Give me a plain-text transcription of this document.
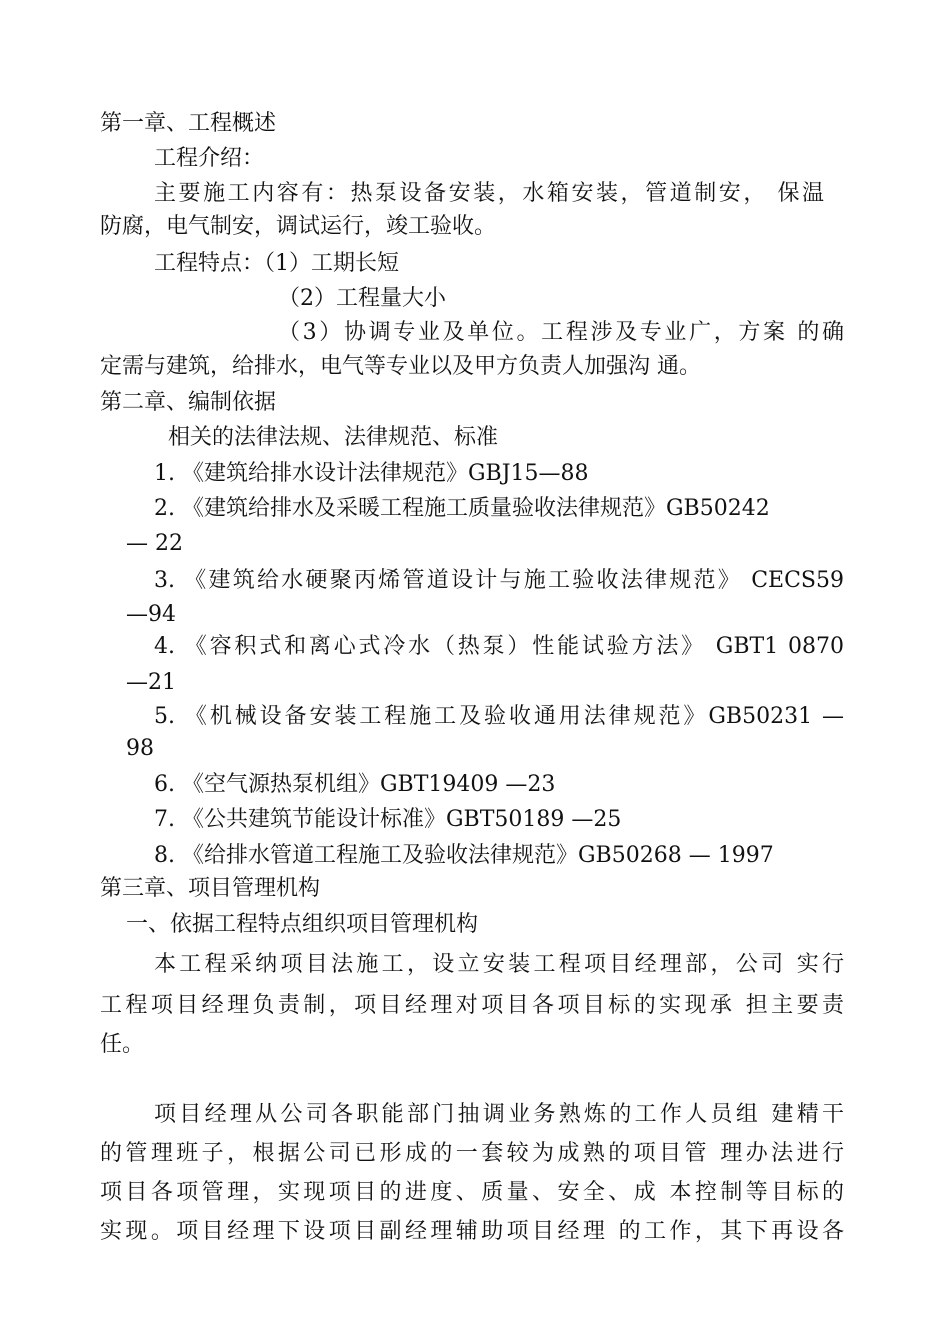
第一章、工程概述
工程介绍：
主要施工内容有：热泵设备安装，水箱安装，管道制安， 保温
防腐，电气制安，调试运行，竣工验收。
工程特点：（1）工期长短
（2）工程量大小
（3）协调专业及单位。工程涉及专业广，方案 的确
定需与建筑，给排水，电气等专业以及甲方负责人加强沟 通。
第二章、编制依据
相关的法律法规、法律规范、标准
1. 《建筑给排水设计法律规范》GBJ15—88
2. 《建筑给排水及采暖工程施工质量验收法律规范》GB50242
— 22
3. 《建筑给水硬聚丙烯管道设计与施工验收法律规范》 CECS59
—94
4. 《容积式和离心式冷水（热泵）性能试验方法》 GBT1 0870
—21
5. 《机械设备安装工程施工及验收通用法律规范》GB50231 —
98
6. 《空气源热泵机组》GBT19409 —23
7. 《公共建筑节能设计标准》GBT50189 —25
8. 《给排水管道工程施工及验收法律规范》GB50268 — 1997
第三章、项目管理机构
一、依据工程特点组织项目管理机构
本工程采纳项目法施工，设立安装工程项目经理部，公司 实行
工程项目经理负责制，项目经理对项目各项目标的实现承 担主要责
任。
项目经理从公司各职能部门抽调业务熟炼的工作人员组 建精干
的管理班子，根据公司已形成的一套较为成熟的项目管 理办法进行
项目各项管理，实现项目的进度、质量、安全、成 本控制等目标的
实现。项目经理下设项目副经理辅助项目经理 的工作，其下再设各
